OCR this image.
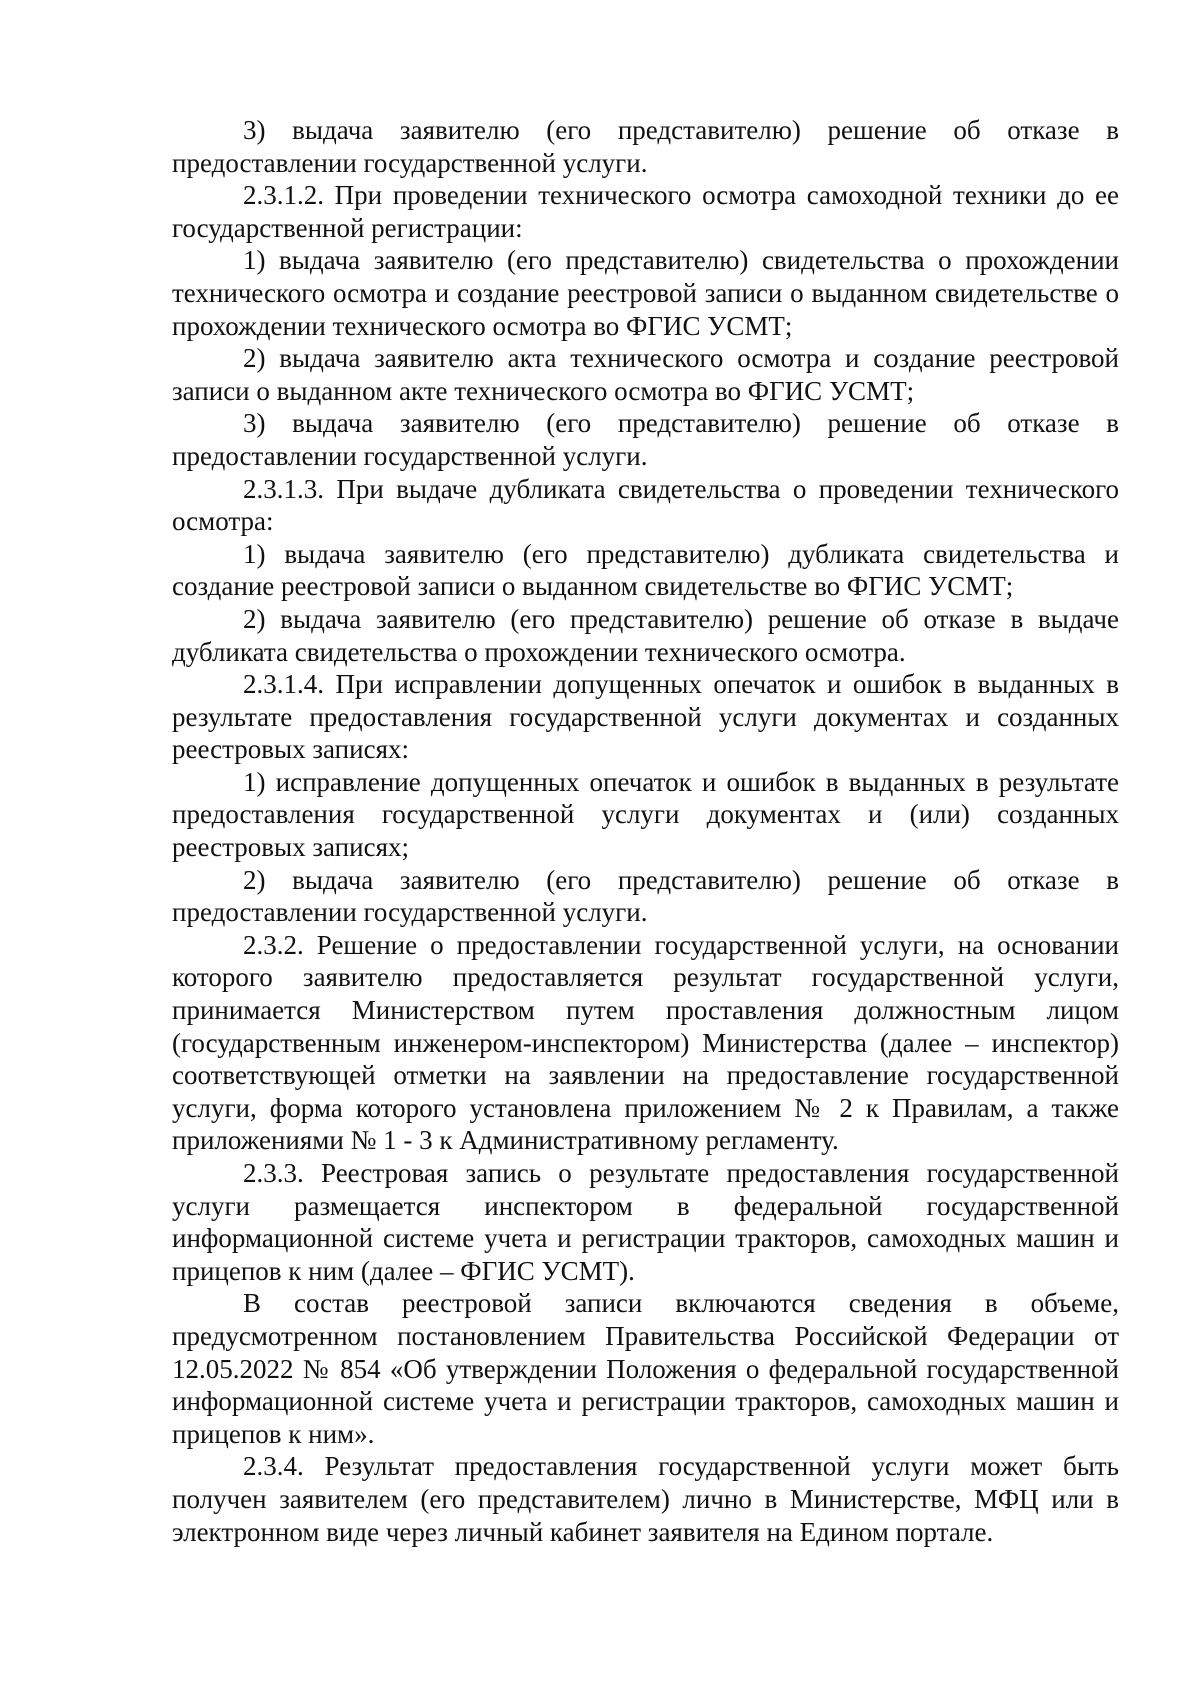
3) выдача заявителю (его представителю) решение об отказе в предоставлении государственной услуги.

2.3.1.2. При проведении технического осмотра самоходной техники до ее государственной регистрации:

1) выдача заявителю (его представителю) свидетельства о прохождении технического осмотра и создание реестровой записи о выданном свидетельстве о прохождении технического осмотра во ФГИС УСМТ;

2) выдача заявителю акта технического осмотра и создание реестровой записи о выданном акте технического осмотра во ФГИС УСМТ;

3) выдача заявителю (его представителю) решение об отказе в предоставлении государственной услуги.

2.3.1.3. При выдаче дубликата свидетельства о проведении технического осмотра:

1) выдача заявителю (его представителю) дубликата свидетельства и создание реестровой записи о выданном свидетельстве во ФГИС УСМТ;

2) выдача заявителю (его представителю) решение об отказе в выдаче дубликата свидетельства о прохождении технического осмотра.

2.3.1.4. При исправлении допущенных опечаток и ошибок в выданных в результате предоставления государственной услуги документах и созданных реестровых записях:

1) исправление допущенных опечаток и ошибок в выданных в результате предоставления государственной услуги документах и (или) созданных реестровых записях;

2) выдача заявителю (его представителю) решение об отказе в предоставлении государственной услуги.

2.3.2. Решение о предоставлении государственной услуги, на основании которого заявителю предоставляется результат государственной услуги, принимается Министерством путем проставления должностным лицом (государственным инженером-инспектором) Министерства (далее – инспектор) соответствующей отметки на заявлении на предоставление государственной услуги, форма которого установлена приложением № 2 к Правилам, а также приложениями № 1 - 3 к Административному регламенту.

2.3.3. Реестровая запись о результате предоставления государственной услуги размещается инспектором в федеральной государственной информационной системе учета и регистрации тракторов, самоходных машин и прицепов к ним (далее – ФГИС УСМТ).

В состав реестровой записи включаются сведения в объеме, предусмотренном постановлением Правительства Российской Федерации от 12.05.2022 № 854 «Об утверждении Положения о федеральной государственной информационной системе учета и регистрации тракторов, самоходных машин и прицепов к ним».

2.3.4. Результат предоставления государственной услуги может быть получен заявителем (его представителем) лично в Министерстве, МФЦ или в электронном виде через личный кабинет заявителя на Едином портале.
